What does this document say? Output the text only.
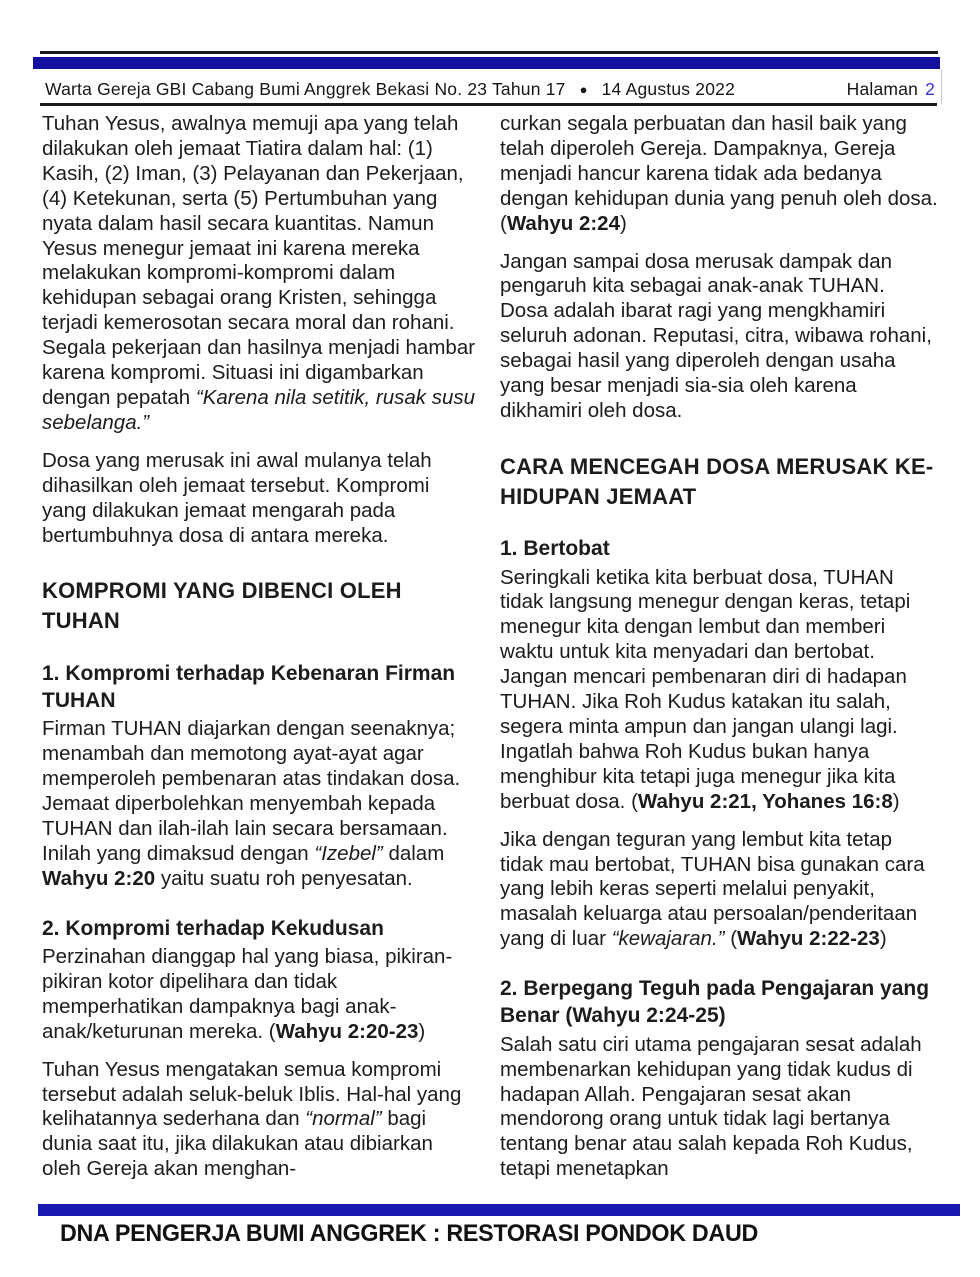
Warta Gereja GBI Cabang Bumi Anggrek Bekasi No. 23 Tahun 17 ● 14 Agustus 2022	Halaman 2
Tuhan Yesus, awalnya memuji apa yang telah dilakukan oleh jemaat Tiatira dalam hal: (1) Kasih, (2) Iman, (3) Pelayanan dan Pekerjaan, (4) Ketekunan, serta (5) Pertumbuhan yang nyata dalam hasil secara kuantitas. Namun Yesus menegur jemaat ini karena mereka melakukan kompromi-kompromi dalam kehidupan sebagai orang Kristen, sehingga terjadi kemerosotan secara moral dan rohani. Segala pekerjaan dan hasilnya menjadi hambar karena kompromi. Situasi ini digambarkan dengan pepatah “Karena nila setitik, rusak susu sebelanga.”
Dosa yang merusak ini awal mulanya telah dihasilkan oleh jemaat tersebut. Kompromi yang dilakukan jemaat mengarah pada bertumbuhnya dosa di antara mereka.
KOMPROMI YANG DIBENCI OLEH TUHAN
1. Kompromi terhadap Kebenaran Firman TUHAN
Firman TUHAN diajarkan dengan seenaknya; menambah dan memotong ayat-ayat agar memperoleh pembenaran atas tindakan dosa. Jemaat diperbolehkan menyembah kepada TUHAN dan ilah-ilah lain secara bersamaan. Inilah yang dimaksud dengan “Izebel” dalam Wahyu 2:20 yaitu suatu roh penyesatan.
2. Kompromi terhadap Kekudusan
Perzinahan dianggap hal yang biasa, pikiran-pikiran kotor dipelihara dan tidak memperhatikan dampaknya bagi anak-anak/keturunan mereka. (Wahyu 2:20-23)
Tuhan Yesus mengatakan semua kompromi tersebut adalah seluk-beluk Iblis. Hal-hal yang kelihatannya sederhana dan “normal” bagi dunia saat itu, jika dilakukan atau dibiarkan oleh Gereja akan menghan-
curkan segala perbuatan dan hasil baik yang telah diperoleh Gereja. Dampaknya, Gereja menjadi hancur karena tidak ada bedanya dengan kehidupan dunia yang penuh oleh dosa. (Wahyu 2:24)
Jangan sampai dosa merusak dampak dan pengaruh kita sebagai anak-anak TUHAN. Dosa adalah ibarat ragi yang mengkhamiri seluruh adonan. Reputasi, citra, wibawa rohani, sebagai hasil yang diperoleh dengan usaha yang besar menjadi sia-sia oleh karena dikhamiri oleh dosa.
CARA MENCEGAH DOSA MERUSAK KE-HIDUPAN JEMAAT
1. Bertobat
Seringkali ketika kita berbuat dosa, TUHAN tidak langsung menegur dengan keras, tetapi menegur kita dengan lembut dan memberi waktu untuk kita menyadari dan bertobat. Jangan mencari pembenaran diri di hadapan TUHAN. Jika Roh Kudus katakan itu salah, segera minta ampun dan jangan ulangi lagi. Ingatlah bahwa Roh Kudus bukan hanya menghibur kita tetapi juga menegur jika kita berbuat dosa. (Wahyu 2:21, Yohanes 16:8)
Jika dengan teguran yang lembut kita tetap tidak mau bertobat, TUHAN bisa gunakan cara yang lebih keras seperti melalui penyakit, masalah keluarga atau persoalan/penderitaan yang di luar “kewajaran.” (Wahyu 2:22-23)
2. Berpegang Teguh pada Pengajaran yang Benar (Wahyu 2:24-25)
Salah satu ciri utama pengajaran sesat adalah membenarkan kehidupan yang tidak kudus di hadapan Allah. Pengajaran sesat akan mendorong orang untuk tidak lagi bertanya tentang benar atau salah kepada Roh Kudus, tetapi menetapkan
DNA PENGERJA BUMI ANGGREK : RESTORASI PONDOK DAUD
